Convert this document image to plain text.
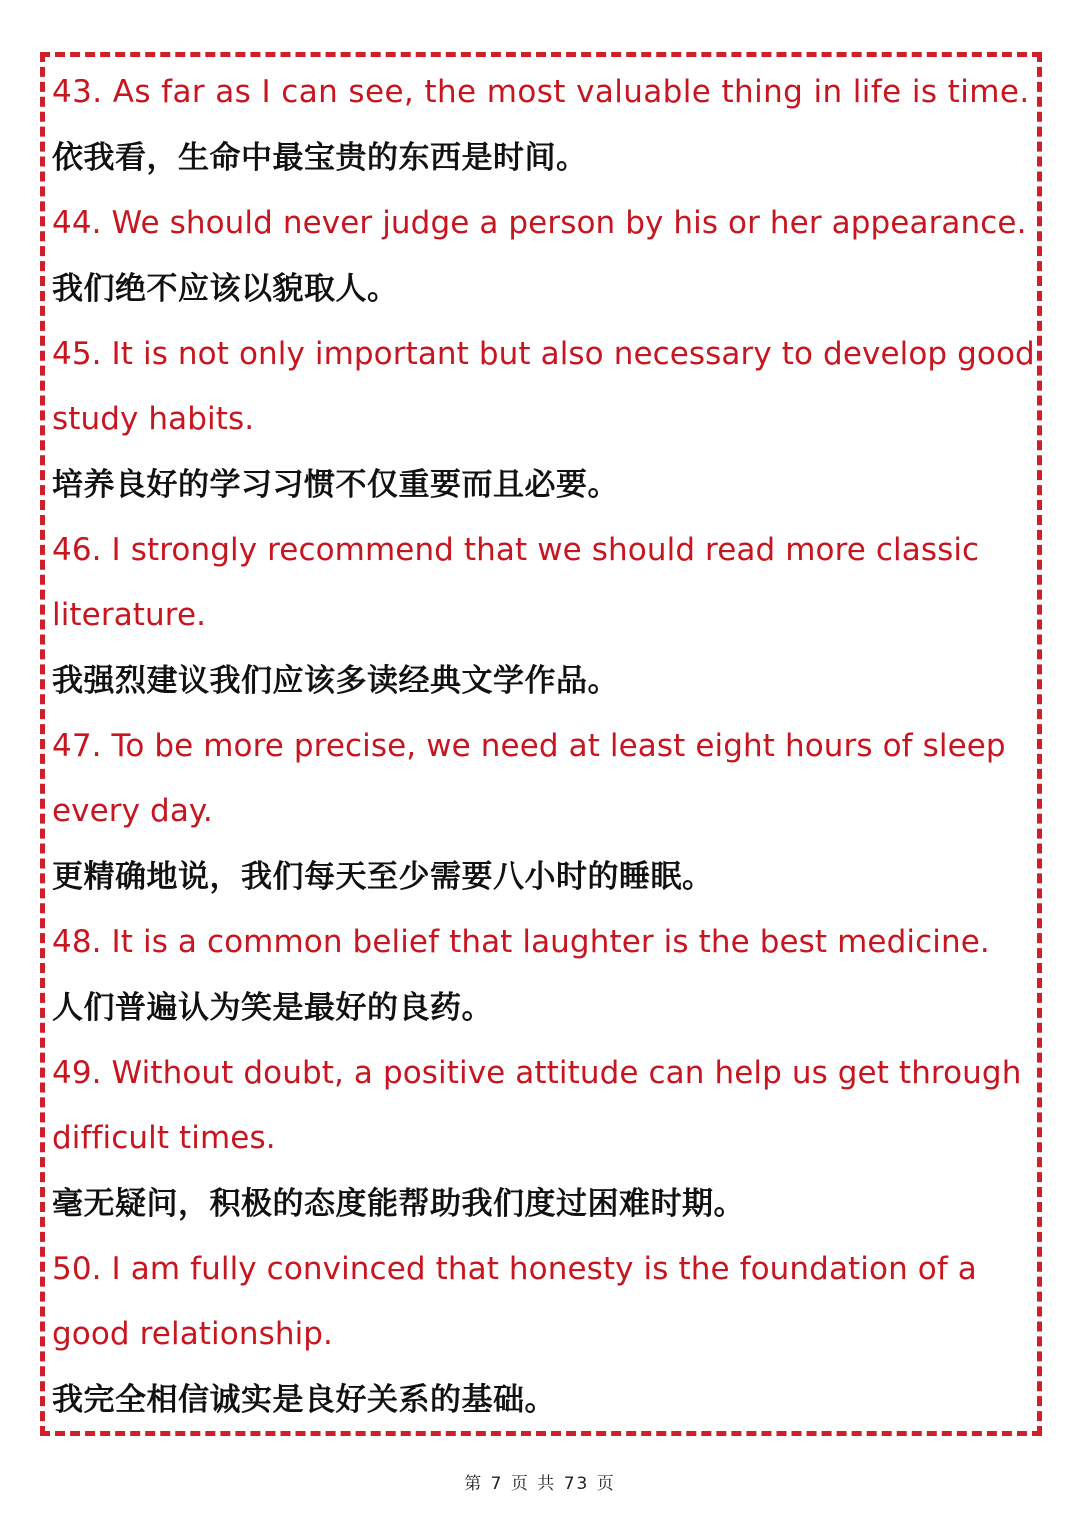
43. As far as I can see, the most valuable thing in life is time.
依我看，生命中最宝贵的东西是时间。
44. We should never judge a person by his or her appearance.
我们绝不应该以貌取人。
45. It is not only important but also necessary to develop good
study habits.
培养良好的学习习惯不仅重要而且必要。
46. I strongly recommend that we should read more classic
literature.
我强烈建议我们应该多读经典文学作品。
47. To be more precise, we need at least eight hours of sleep
every day.
更精确地说，我们每天至少需要八小时的睡眠。
48. It is a common belief that laughter is the best medicine.
人们普遍认为笑是最好的良药。
49. Without doubt, a positive attitude can help us get through
difficult times.
毫无疑问，积极的态度能帮助我们度过困难时期。
50. I am fully convinced that honesty is the foundation of a
good relationship.
我完全相信诚实是良好关系的基础。
第 7 页 共 73 页
